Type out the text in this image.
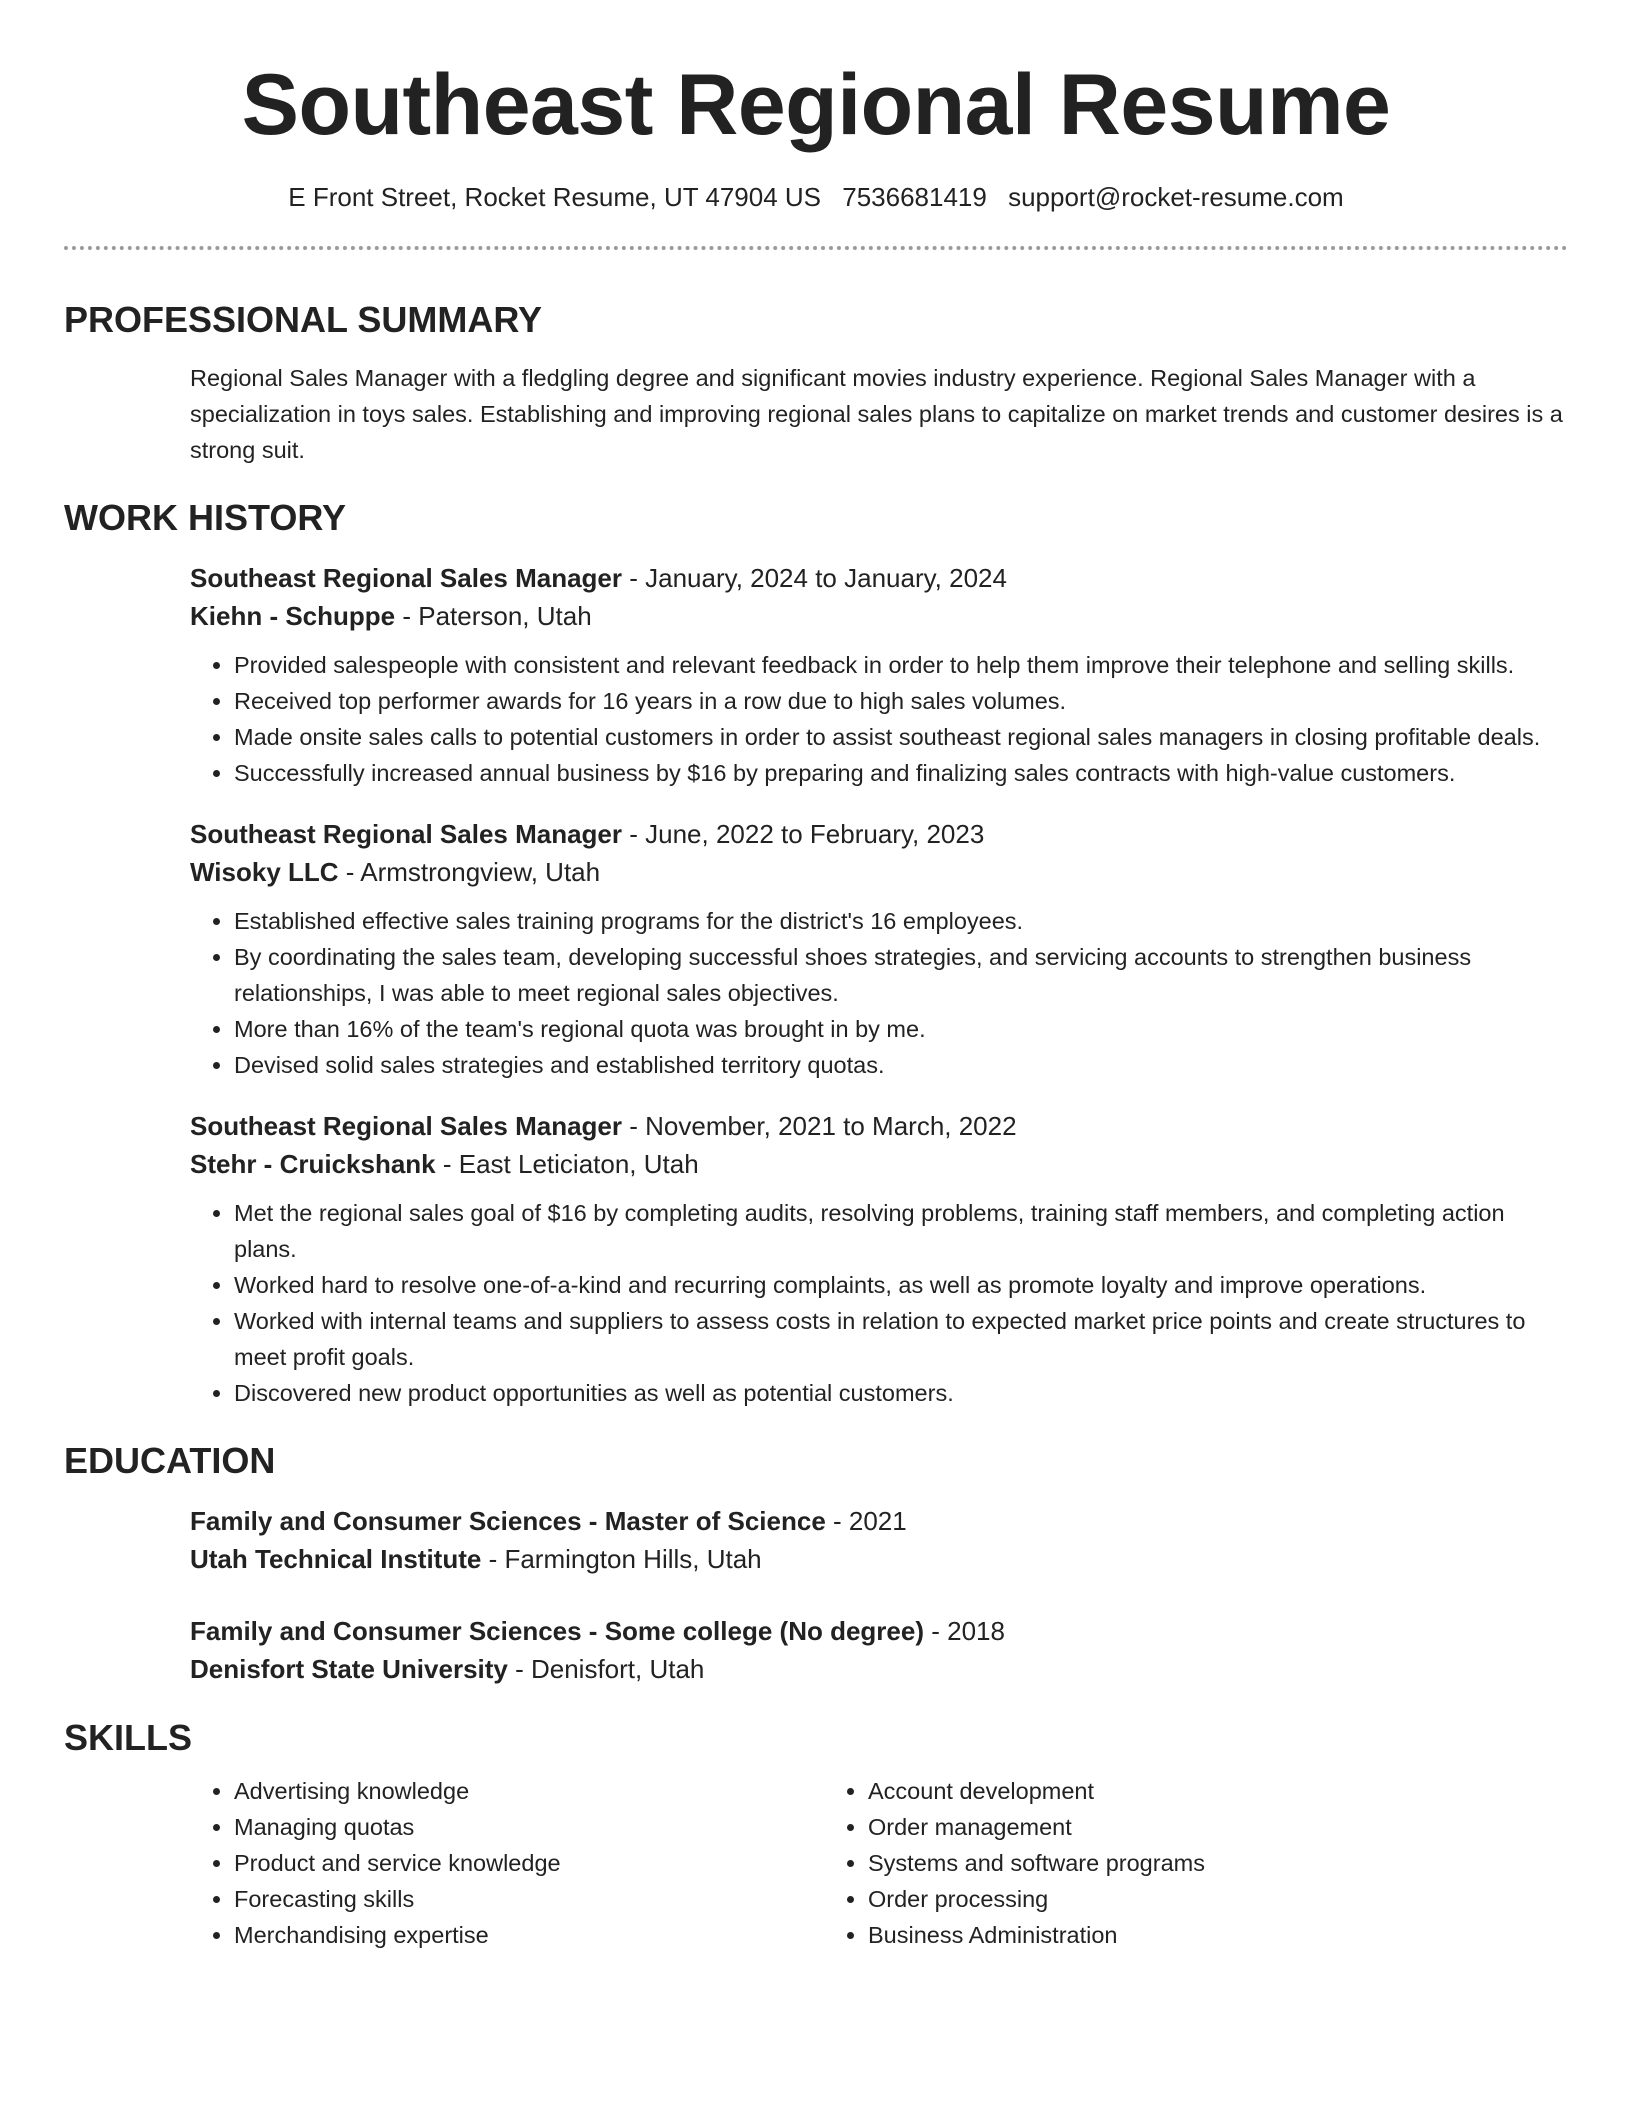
Southeast Regional Resume
E Front Street, Rocket Resume, UT 47904 US 7536681419 support@rocket-resume.com
PROFESSIONAL SUMMARY
Regional Sales Manager with a fledgling degree and significant movies industry experience. Regional Sales Manager with a specialization in toys sales. Establishing and improving regional sales plans to capitalize on market trends and customer desires is a strong suit.
WORK HISTORY
Southeast Regional Sales Manager - January, 2024 to January, 2024
Kiehn - Schuppe - Paterson, Utah
• Provided salespeople with consistent and relevant feedback in order to help them improve their telephone and selling skills.
• Received top performer awards for 16 years in a row due to high sales volumes.
• Made onsite sales calls to potential customers in order to assist southeast regional sales managers in closing profitable deals.
• Successfully increased annual business by $16 by preparing and finalizing sales contracts with high-value customers.
Southeast Regional Sales Manager - June, 2022 to February, 2023
Wisoky LLC - Armstrongview, Utah
• Established effective sales training programs for the district's 16 employees.
• By coordinating the sales team, developing successful shoes strategies, and servicing accounts to strengthen business relationships, I was able to meet regional sales objectives.
• More than 16% of the team's regional quota was brought in by me.
• Devised solid sales strategies and established territory quotas.
Southeast Regional Sales Manager - November, 2021 to March, 2022
Stehr - Cruickshank - East Leticiaton, Utah
• Met the regional sales goal of $16 by completing audits, resolving problems, training staff members, and completing action plans.
• Worked hard to resolve one-of-a-kind and recurring complaints, as well as promote loyalty and improve operations.
• Worked with internal teams and suppliers to assess costs in relation to expected market price points and create structures to meet profit goals.
• Discovered new product opportunities as well as potential customers.
EDUCATION
Family and Consumer Sciences - Master of Science - 2021
Utah Technical Institute - Farmington Hills, Utah
Family and Consumer Sciences - Some college (No degree) - 2018
Denisfort State University - Denisfort, Utah
SKILLS
• Advertising knowledge
• Managing quotas
• Product and service knowledge
• Forecasting skills
• Merchandising expertise
• Account development
• Order management
• Systems and software programs
• Order processing
• Business Administration
